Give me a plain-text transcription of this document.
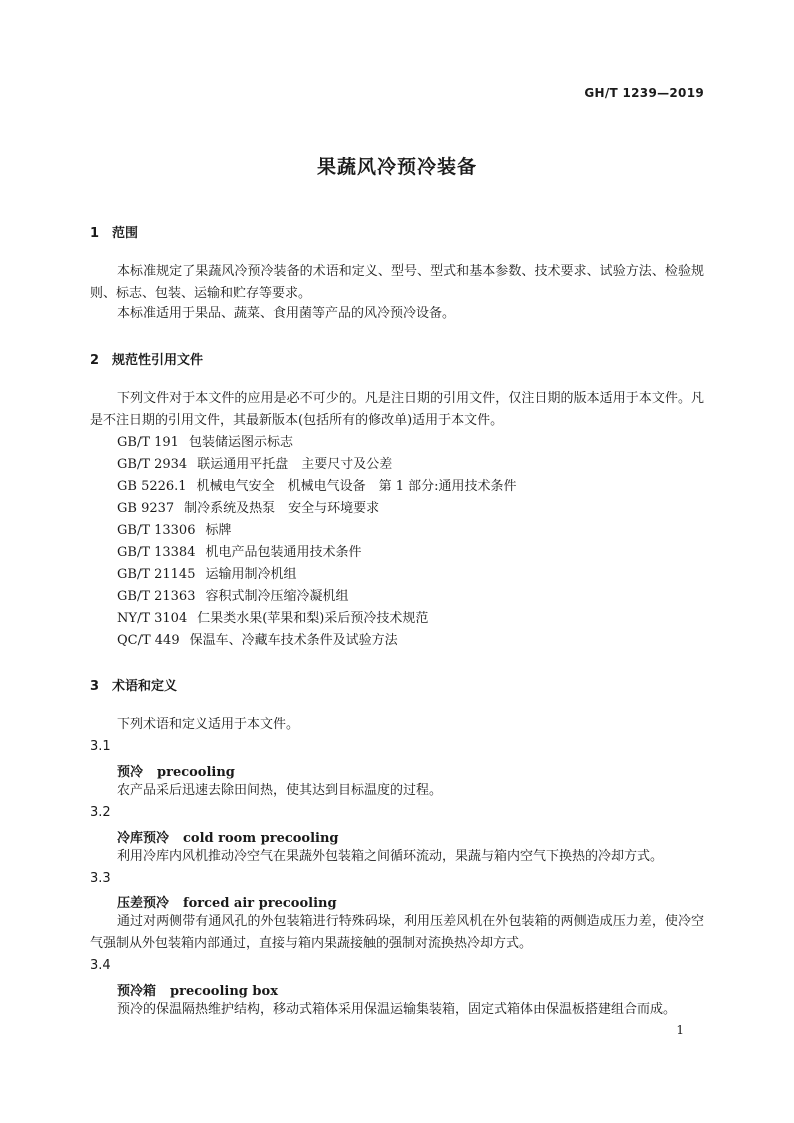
GH/T 1239—2019
果蔬风冷预冷装备
1 范围
本标准规定了果蔬风冷预冷装备的术语和定义、型号、型式和基本参数、技术要求、试验方法、检验规则、标志、包装、运输和贮存等要求。
本标准适用于果品、蔬菜、食用菌等产品的风冷预冷设备。
2 规范性引用文件
下列文件对于本文件的应用是必不可少的。凡是注日期的引用文件，仅注日期的版本适用于本文件。凡是不注日期的引用文件，其最新版本(包括所有的修改单)适用于本文件。
GB/T 191 包装储运图示标志
GB/T 2934 联运通用平托盘　主要尺寸及公差
GB 5226.1 机械电气安全　机械电气设备　第 1 部分:通用技术条件
GB 9237 制冷系统及热泵　安全与环境要求
GB/T 13306 标牌
GB/T 13384 机电产品包装通用技术条件
GB/T 21145 运输用制冷机组
GB/T 21363 容积式制冷压缩冷凝机组
NY/T 3104 仁果类水果(苹果和梨)采后预冷技术规范
QC/T 449 保温车、冷藏车技术条件及试验方法
3 术语和定义
下列术语和定义适用于本文件。
3.1
预冷 precooling
农产品采后迅速去除田间热，使其达到目标温度的过程。
3.2
冷库预冷 cold room precooling
利用冷库内风机推动冷空气在果蔬外包装箱之间循环流动，果蔬与箱内空气下换热的冷却方式。
3.3
压差预冷 forced air precooling
通过对两侧带有通风孔的外包装箱进行特殊码垛，利用压差风机在外包装箱的两侧造成压力差，使冷空气强制从外包装箱内部通过，直接与箱内果蔬接触的强制对流换热冷却方式。
3.4
预冷箱 precooling box
预冷的保温隔热维护结构，移动式箱体采用保温运输集装箱，固定式箱体由保温板搭建组合而成。
1
